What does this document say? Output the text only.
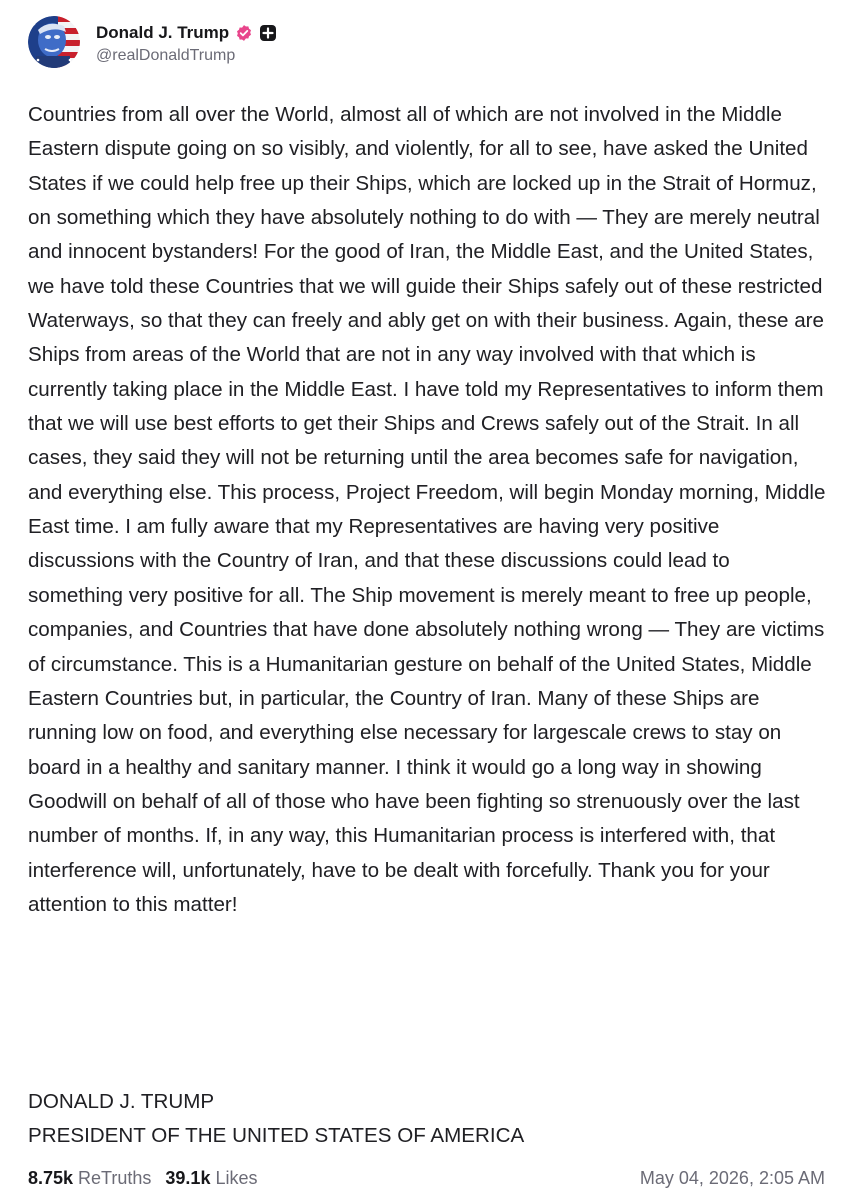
Donald J. Trump
@realDonaldTrump

Countries from all over the World, almost all of which are not involved in the Middle Eastern dispute going on so visibly, and violently, for all to see, have asked the United States if we could help free up their Ships, which are locked up in the Strait of Hormuz, on something which they have absolutely nothing to do with — They are merely neutral and innocent bystanders! For the good of Iran, the Middle East, and the United States, we have told these Countries that we will guide their Ships safely out of these restricted Waterways, so that they can freely and ably get on with their business. Again, these are Ships from areas of the World that are not in any way involved with that which is currently taking place in the Middle East. I have told my Representatives to inform them that we will use best efforts to get their Ships and Crews safely out of the Strait. In all cases, they said they will not be returning until the area becomes safe for navigation, and everything else. This process, Project Freedom, will begin Monday morning, Middle East time. I am fully aware that my Representatives are having very positive discussions with the Country of Iran, and that these discussions could lead to something very positive for all. The Ship movement is merely meant to free up people, companies, and Countries that have done absolutely nothing wrong — They are victims of circumstance. This is a Humanitarian gesture on behalf of the United States, Middle Eastern Countries but, in particular, the Country of Iran. Many of these Ships are running low on food, and everything else necessary for largescale crews to stay on board in a healthy and sanitary manner. I think it would go a long way in showing Goodwill on behalf of all of those who have been fighting so strenuously over the last number of months. If, in any way, this Humanitarian process is interfered with, that interference will, unfortunately, have to be dealt with forcefully. Thank you for your attention to this matter!

DONALD J. TRUMP
PRESIDENT OF THE UNITED STATES OF AMERICA
8.75k ReTruths 39.1k Likes	May 04, 2026, 2:05 AM
